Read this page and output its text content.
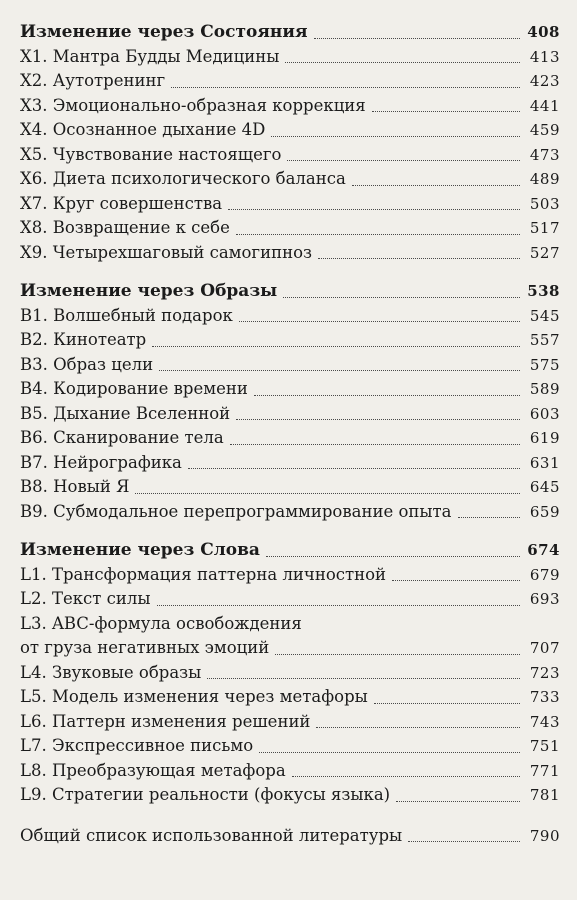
Изменение через Состояния	408
X1. Мантра Будды Медицины	413
X2. Аутотренинг	423
X3. Эмоционально-образная коррекция	441
X4. Осознанное дыхание 4D	459
X5. Чувствование настоящего	473
X6. Диета психологического баланса	489
X7. Круг совершенства	503
X8. Возвращение к себе	517
X9. Четырехшаговый самогипноз	527
Изменение через Образы	538
B1. Волшебный подарок	545
B2. Кинотеатр	557
B3. Образ цели	575
B4. Кодирование времени	589
B5. Дыхание Вселенной	603
B6. Сканирование тела	619
B7. Нейрографика	631
B8. Новый Я	645
B9. Субмодальное перепрограммирование опыта	659
Изменение через Слова	674
L1. Трансформация паттерна личностной	679
L2. Текст силы	693
L3. ABC-формула освобождения
от груза негативных эмоций	707
L4. Звуковые образы	723
L5. Модель изменения через метафоры	733
L6. Паттерн изменения решений	743
L7. Экспрессивное письмо	751
L8. Преобразующая метафора	771
L9. Стратегии реальности (фокусы языка)	781
Общий список использованной литературы	790
